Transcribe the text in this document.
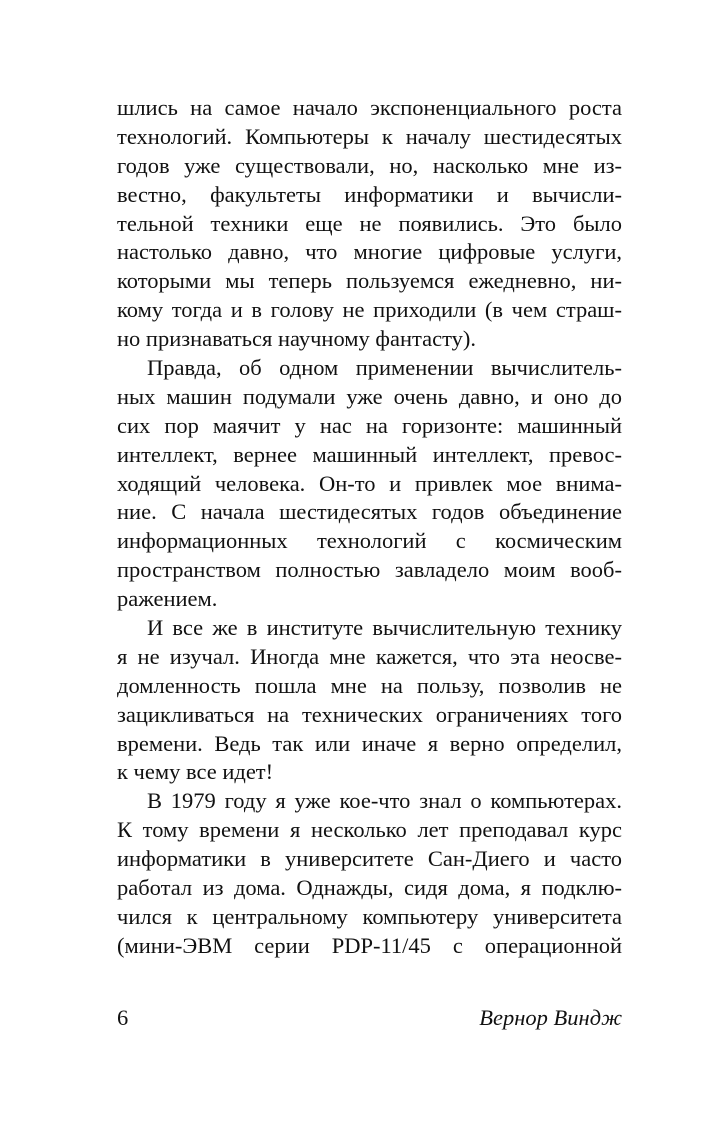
шлись на самое начало экспоненциального роста
технологий. Компьютеры к началу шестидесятых
годов уже существовали, но, насколько мне из-
вестно, факультеты информатики и вычисли-
тельной техники еще не появились. Это было
настолько давно, что многие цифровые услуги,
которыми мы теперь пользуемся ежедневно, ни-
кому тогда и в голову не приходили (в чем страш-
но признаваться научному фантасту).
Правда, об одном применении вычислитель-
ных машин подумали уже очень давно, и оно до
сих пор маячит у нас на горизонте: машинный
интеллект, вернее машинный интеллект, превос-
ходящий человека. Он-то и привлек мое внима-
ние. С начала шестидесятых годов объединение
информационных технологий с космическим
пространством полностью завладело моим вооб-
ражением.
И все же в институте вычислительную технику
я не изучал. Иногда мне кажется, что эта неосве-
домленность пошла мне на пользу, позволив не
зацикливаться на технических ограничениях того
времени. Ведь так или иначе я верно определил,
к чему все идет!
В 1979 году я уже кое-что знал о компьютерах.
К тому времени я несколько лет преподавал курс
информатики в университете Сан-Диего и часто
работал из дома. Однажды, сидя дома, я подклю-
чился к центральному компьютеру университета
(мини-ЭВМ серии PDP-11/45 с операционной
6	Вернор Виндж
